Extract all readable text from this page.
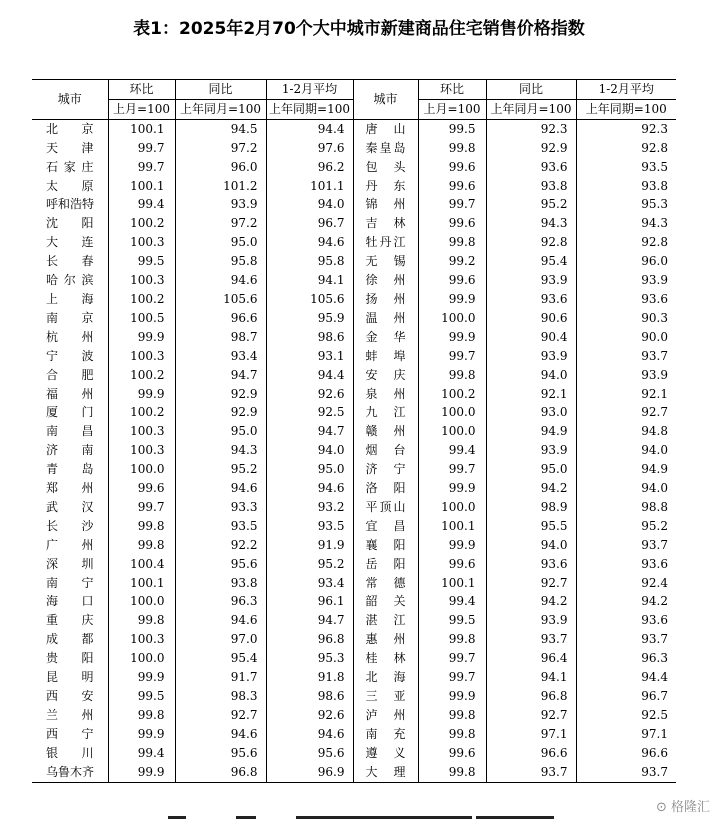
表1：2025年2月70个大中城市新建商品住宅销售价格指数
城市	环比	同比	1-2月平均	城市	环比	同比	1-2月平均
	上月=100	上年同月=100	上年同期=100		上月=100	上年同月=100	上年同期=100
北京	100.1	94.5	94.4	唐山	99.5	92.3	92.3
天津	99.7	97.2	97.6	秦皇岛	99.8	92.9	92.8
石家庄	99.7	96.0	96.2	包头	99.6	93.6	93.5
太原	100.1	101.2	101.1	丹东	99.6	93.8	93.8
呼和浩特	99.4	93.9	94.0	锦州	99.7	95.2	95.3
沈阳	100.2	97.2	96.7	吉林	99.6	94.3	94.3
大连	100.3	95.0	94.6	牡丹江	99.8	92.8	92.8
长春	99.5	95.8	95.8	无锡	99.2	95.4	96.0
哈尔滨	100.3	94.6	94.1	徐州	99.6	93.9	93.9
上海	100.2	105.6	105.6	扬州	99.9	93.6	93.6
南京	100.5	96.6	95.9	温州	100.0	90.6	90.3
杭州	99.9	98.7	98.6	金华	99.9	90.4	90.0
宁波	100.3	93.4	93.1	蚌埠	99.7	93.9	93.7
合肥	100.2	94.7	94.4	安庆	99.8	94.0	93.9
福州	99.9	92.9	92.6	泉州	100.2	92.1	92.1
厦门	100.2	92.9	92.5	九江	100.0	93.0	92.7
南昌	100.3	95.0	94.7	赣州	100.0	94.9	94.8
济南	100.3	94.3	94.0	烟台	99.4	93.9	94.0
青岛	100.0	95.2	95.0	济宁	99.7	95.0	94.9
郑州	99.6	94.6	94.6	洛阳	99.9	94.2	94.0
武汉	99.7	93.3	93.2	平顶山	100.0	98.9	98.8
长沙	99.8	93.5	93.5	宜昌	100.1	95.5	95.2
广州	99.8	92.2	91.9	襄阳	99.9	94.0	93.7
深圳	100.4	95.6	95.2	岳阳	99.6	93.6	93.6
南宁	100.1	93.8	93.4	常德	100.1	92.7	92.4
海口	100.0	96.3	96.1	韶关	99.4	94.2	94.2
重庆	99.8	94.6	94.7	湛江	99.5	93.9	93.6
成都	100.3	97.0	96.8	惠州	99.8	93.7	93.7
贵阳	100.0	95.4	95.3	桂林	99.7	96.4	96.3
昆明	99.9	91.7	91.8	北海	99.7	94.1	94.4
西安	99.5	98.3	98.6	三亚	99.9	96.8	96.7
兰州	99.8	92.7	92.6	泸州	99.8	92.7	92.5
西宁	99.9	94.6	94.6	南充	99.8	97.1	97.1
银川	99.4	95.6	95.6	遵义	99.6	96.6	96.6
乌鲁木齐	99.9	96.8	96.9	大理	99.8	93.7	93.7
⊙ 格隆汇
